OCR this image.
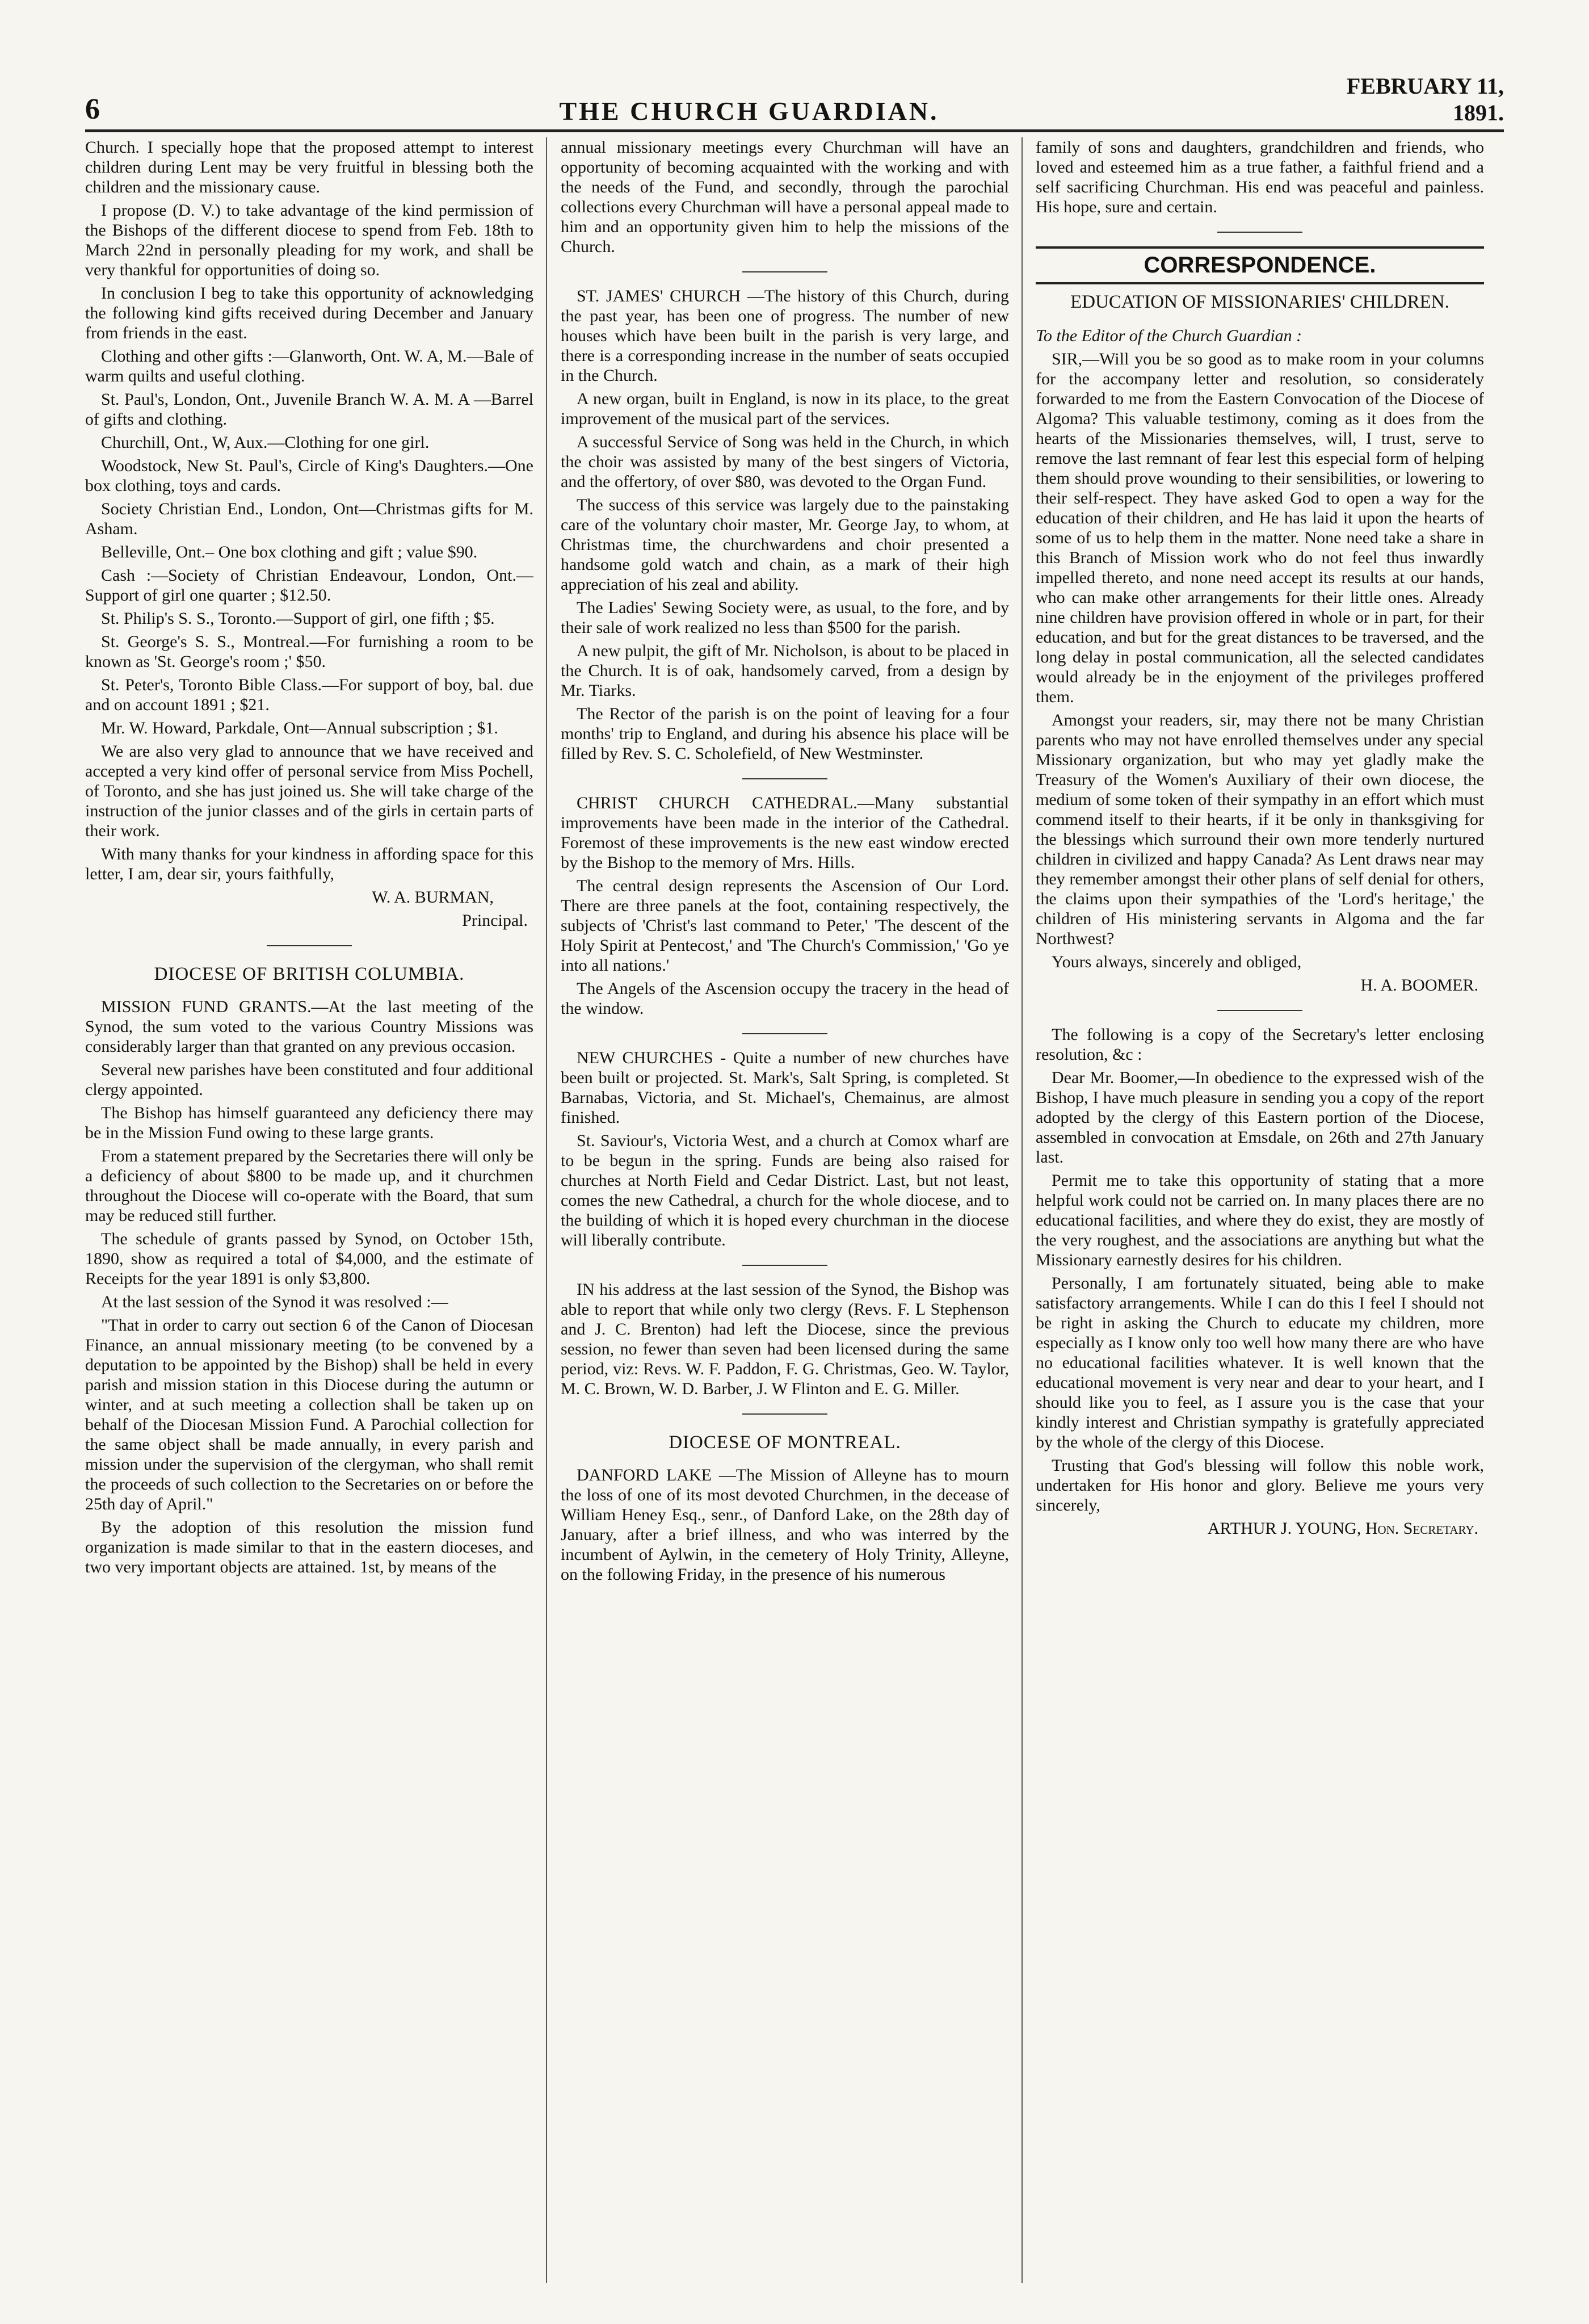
6	THE CHURCH GUARDIAN.
FEBRUARY 11, 1891.

Church. I specially hope that the proposed attempt to interest children during Lent may be very fruitful in blessing both the children and the missionary cause.

I propose (D. V.) to take advantage of the kind permission of the Bishops of the different diocese to spend from Feb. 18th to March 22nd in personally pleading for my work, and shall be very thankful for opportunities of doing so.

In conclusion I beg to take this opportunity of acknowledging the following kind gifts received during December and January from friends in the east.

Clothing and other gifts :—Glanworth, Ont. W. A, M.—Bale of warm quilts and useful clothing.

St. Paul's, London, Ont., Juvenile Branch W. A. M. A —Barrel of gifts and clothing.

Churchill, Ont., W, Aux.—Clothing for one girl.

Woodstock, New St. Paul's, Circle of King's Daughters.—One box clothing, toys and cards.

Society Christian End., London, Ont—Christmas gifts for M. Asham.

Belleville, Ont.– One box clothing and gift ; value $90.

Cash :—Society of Christian Endeavour, London, Ont.—Support of girl one quarter ; $12.50.

St. Philip's S. S., Toronto.—Support of girl, one fifth ; $5.

St. George's S. S., Montreal.—For furnishing a room to be known as 'St. George's room ;' $50.

St. Peter's, Toronto Bible Class.—For support of boy, bal. due and on account 1891 ; $21.

Mr. W. Howard, Parkdale, Ont—Annual subscription ; $1.

We are also very glad to announce that we have received and accepted a very kind offer of personal service from Miss Pochell, of Toronto, and she has just joined us. She will take charge of the instruction of the junior classes and of the girls in certain parts of their work.

With many thanks for your kindness in affording space for this letter, I am, dear sir, yours faithfully,

W. A. BURMAN,

Principal.

DIOCESE OF BRITISH COLUMBIA.

MISSION FUND GRANTS.—At the last meeting of the Synod, the sum voted to the various Country Missions was considerably larger than that granted on any previous occasion.

Several new parishes have been constituted and four additional clergy appointed.

The Bishop has himself guaranteed any deficiency there may be in the Mission Fund owing to these large grants.

From a statement prepared by the Secretaries there will only be a deficiency of about $800 to be made up, and it churchmen throughout the Diocese will co-operate with the Board, that sum may be reduced still further.

The schedule of grants passed by Synod, on October 15th, 1890, show as required a total of $4,000, and the estimate of Receipts for the year 1891 is only $3,800.

At the last session of the Synod it was resolved :—

"That in order to carry out section 6 of the Canon of Diocesan Finance, an annual missionary meeting (to be convened by a deputation to be appointed by the Bishop) shall be held in every parish and mission station in this Diocese during the autumn or winter, and at such meeting a collection shall be taken up on behalf of the Diocesan Mission Fund. A Parochial collection for the same object shall be made annually, in every parish and mission under the supervision of the clergyman, who shall remit the proceeds of such collection to the Secretaries on or before the 25th day of April."

By the adoption of this resolution the mission fund organization is made similar to that in the eastern dioceses, and two very important objects are attained. 1st, by means of the

annual missionary meetings every Churchman will have an opportunity of becoming acquainted with the working and with the needs of the Fund, and secondly, through the parochial collections every Churchman will have a personal appeal made to him and an opportunity given him to help the missions of the Church.

ST. JAMES' CHURCH —The history of this Church, during the past year, has been one of progress. The number of new houses which have been built in the parish is very large, and there is a corresponding increase in the number of seats occupied in the Church.

A new organ, built in England, is now in its place, to the great improvement of the musical part of the services.

A successful Service of Song was held in the Church, in which the choir was assisted by many of the best singers of Victoria, and the offertory, of over $80, was devoted to the Organ Fund.

The success of this service was largely due to the painstaking care of the voluntary choir master, Mr. George Jay, to whom, at Christmas time, the churchwardens and choir presented a handsome gold watch and chain, as a mark of their high appreciation of his zeal and ability.

The Ladies' Sewing Society were, as usual, to the fore, and by their sale of work realized no less than $500 for the parish.

A new pulpit, the gift of Mr. Nicholson, is about to be placed in the Church. It is of oak, handsomely carved, from a design by Mr. Tiarks.

The Rector of the parish is on the point of leaving for a four months' trip to England, and during his absence his place will be filled by Rev. S. C. Scholefield, of New Westminster.

CHRIST CHURCH CATHEDRAL.—Many substantial improvements have been made in the interior of the Cathedral. Foremost of these improvements is the new east window erected by the Bishop to the memory of Mrs. Hills.

The central design represents the Ascension of Our Lord. There are three panels at the foot, containing respectively, the subjects of 'Christ's last command to Peter,' 'The descent of the Holy Spirit at Pentecost,' and 'The Church's Commission,' 'Go ye into all nations.'

The Angels of the Ascension occupy the tracery in the head of the window.

NEW CHURCHES - Quite a number of new churches have been built or projected. St. Mark's, Salt Spring, is completed. St Barnabas, Victoria, and St. Michael's, Chemainus, are almost finished.

St. Saviour's, Victoria West, and a church at Comox wharf are to be begun in the spring. Funds are being also raised for churches at North Field and Cedar District. Last, but not least, comes the new Cathedral, a church for the whole diocese, and to the building of which it is hoped every churchman in the diocese will liberally contribute.

IN his address at the last session of the Synod, the Bishop was able to report that while only two clergy (Revs. F. L Stephenson and J. C. Brenton) had left the Diocese, since the previous session, no fewer than seven had been licensed during the same period, viz: Revs. W. F. Paddon, F. G. Christmas, Geo. W. Taylor, M. C. Brown, W. D. Barber, J. W Flinton and E. G. Miller.

DIOCESE OF MONTREAL.

DANFORD LAKE —The Mission of Alleyne has to mourn the loss of one of its most devoted Churchmen, in the decease of William Heney Esq., senr., of Danford Lake, on the 28th day of January, after a brief illness, and who was interred by the incumbent of Aylwin, in the cemetery of Holy Trinity, Alleyne, on the following Friday, in the presence of his numerous

family of sons and daughters, grandchildren and friends, who loved and esteemed him as a true father, a faithful friend and a self sacrificing Churchman. His end was peaceful and painless. His hope, sure and certain.

CORRESPONDENCE.
EDUCATION OF MISSIONARIES' CHILDREN.

To the Editor of the Church Guardian :

SIR,—Will you be so good as to make room in your columns for the accompany letter and resolution, so considerately forwarded to me from the Eastern Convocation of the Diocese of Algoma? This valuable testimony, coming as it does from the hearts of the Missionaries themselves, will, I trust, serve to remove the last remnant of fear lest this especial form of helping them should prove wounding to their sensibilities, or lowering to their self-respect. They have asked God to open a way for the education of their children, and He has laid it upon the hearts of some of us to help them in the matter. None need take a share in this Branch of Mission work who do not feel thus inwardly impelled thereto, and none need accept its results at our hands, who can make other arrangements for their little ones. Already nine children have provision offered in whole or in part, for their education, and but for the great distances to be traversed, and the long delay in postal communication, all the selected candidates would already be in the enjoyment of the privileges proffered them.

Amongst your readers, sir, may there not be many Christian parents who may not have enrolled themselves under any special Missionary organization, but who may yet gladly make the Treasury of the Women's Auxiliary of their own diocese, the medium of some token of their sympathy in an effort which must commend itself to their hearts, if it be only in thanksgiving for the blessings which surround their own more tenderly nurtured children in civilized and happy Canada? As Lent draws near may they remember amongst their other plans of self denial for others, the claims upon their sympathies of the 'Lord's heritage,' the children of His ministering servants in Algoma and the far Northwest?

Yours always, sincerely and obliged,

H. A. BOOMER.

The following is a copy of the Secretary's letter enclosing resolution, &c :

Dear Mr. Boomer,—In obedience to the expressed wish of the Bishop, I have much pleasure in sending you a copy of the report adopted by the clergy of this Eastern portion of the Diocese, assembled in convocation at Emsdale, on 26th and 27th January last.

Permit me to take this opportunity of stating that a more helpful work could not be carried on. In many places there are no educational facilities, and where they do exist, they are mostly of the very roughest, and the associations are anything but what the Missionary earnestly desires for his children.

Personally, I am fortunately situated, being able to make satisfactory arrangements. While I can do this I feel I should not be right in asking the Church to educate my children, more especially as I know only too well how many there are who have no educational facilities whatever. It is well known that the educational movement is very near and dear to your heart, and I should like you to feel, as I assure you is the case that your kindly interest and Christian sympathy is gratefully appreciated by the whole of the clergy of this Diocese.

Trusting that God's blessing will follow this noble work, undertaken for His honor and glory. Believe me yours very sincerely,

ARTHUR J. YOUNG, Hon. Secretary.
